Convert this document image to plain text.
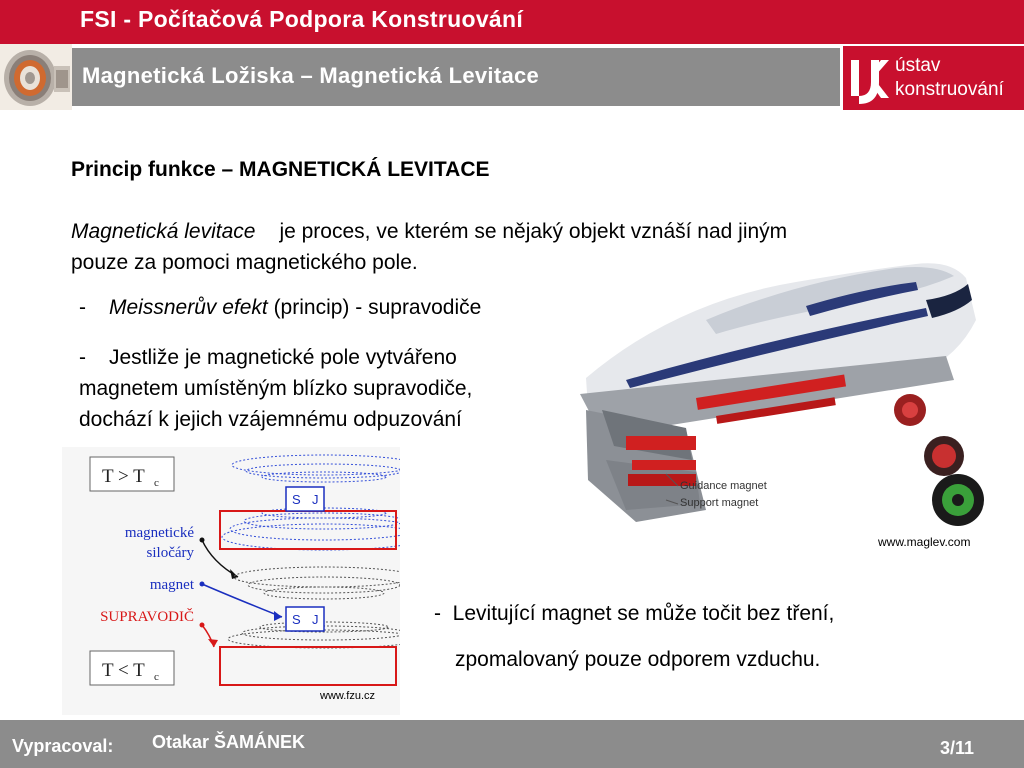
FSI - Počítačová Podpora Konstruování
Magnetická Ložiska – Magnetická Levitace	ústav
konstruování
Princip funkce – MAGNETICKÁ LEVITACE
Magnetická levitace je proces, ve kterém se nějaký objekt vznáší nad jiným
pouze za pomoci magnetického pole.
- Meissnerův efekt (princip) - supravodiče
- Jestliže je magnetické pole vytvářeno
magnetem umístěným blízko supravodiče,
dochází k jejich vzájemnému odpuzování
Guidance magnet
Support magnet
www.maglev.com
T > T c
S J
magnetické
siločáry
magnet
SUPRAVODIČ	S J
T < T c
www.fzu.cz
- Levitující magnet se může točit bez tření,
zpomalovaný pouze odporem vzduchu.
Vypracoval: Otakar ŠAMÁNEK	3/11
